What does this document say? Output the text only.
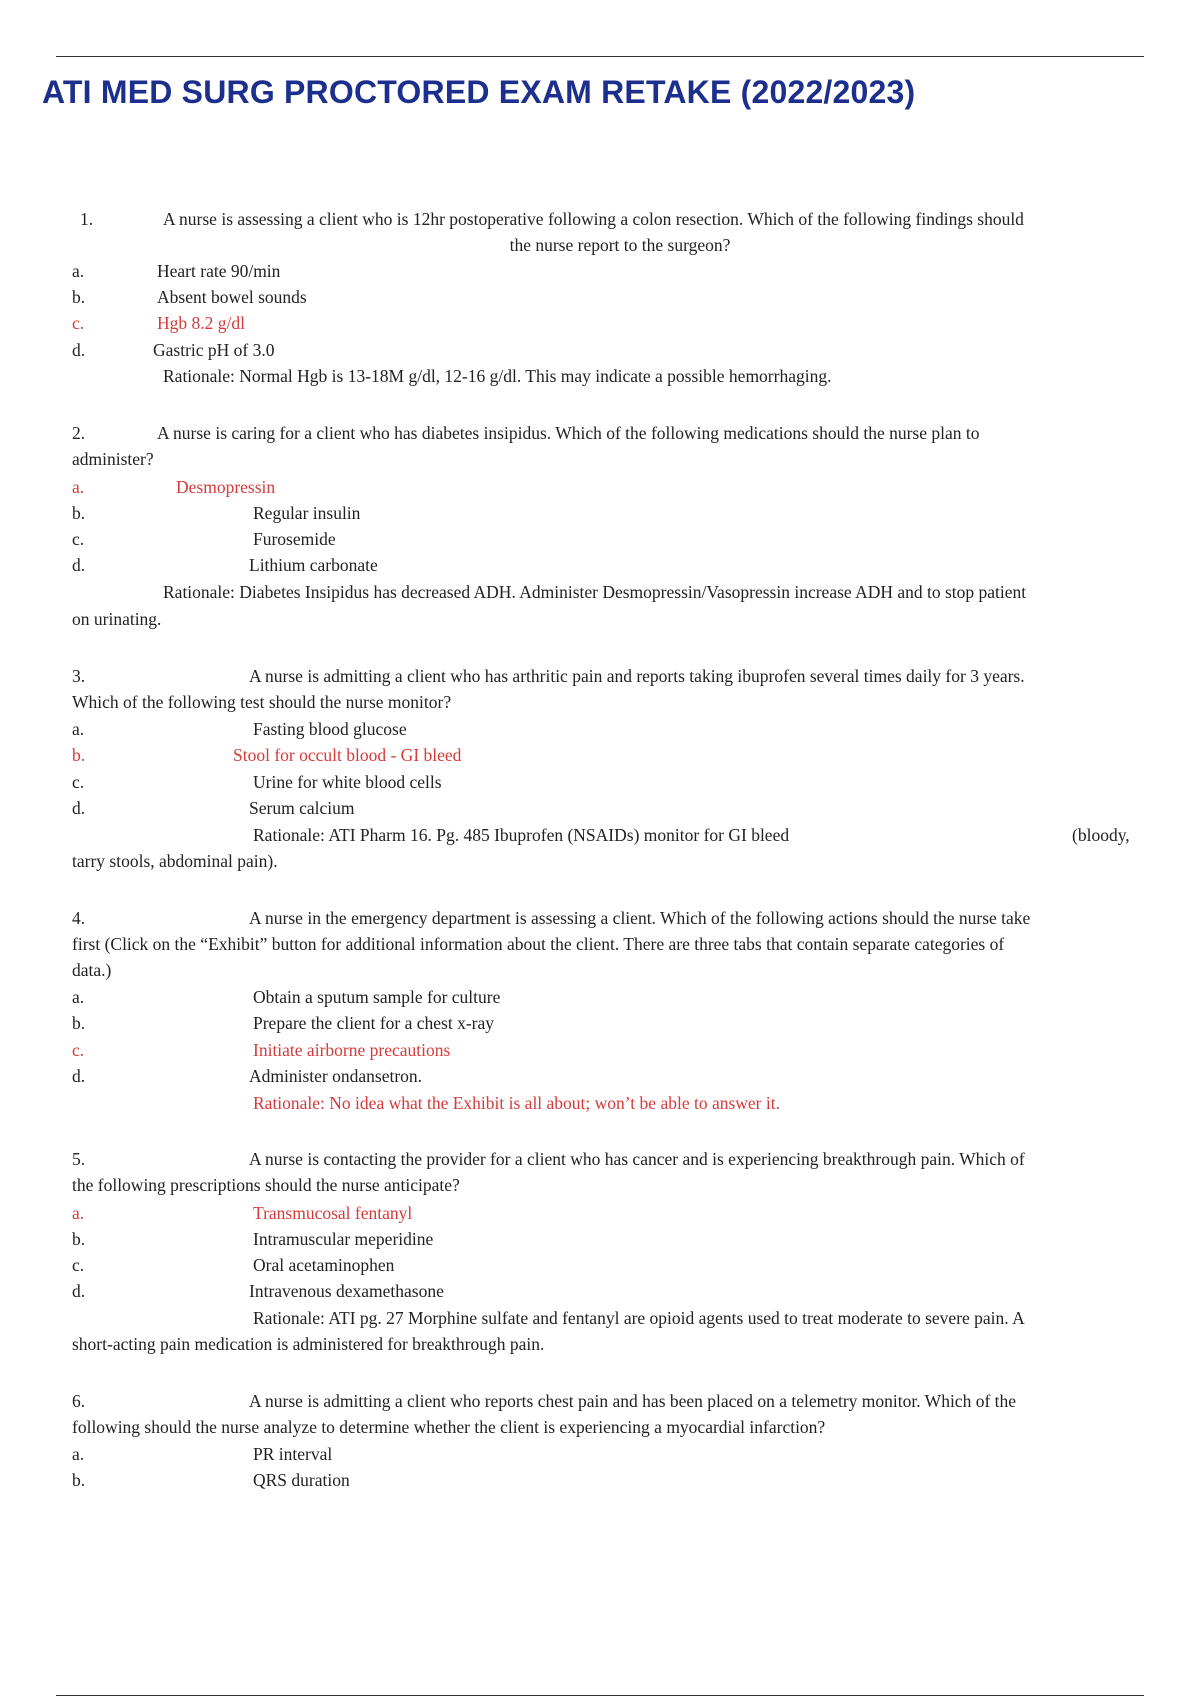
ATI MED SURG PROCTORED EXAM RETAKE (2022/2023)
1.	A nurse is assessing a client who is 12hr postoperative following a colon resection. Which of the following findings should
the nurse report to the surgeon?
a.	Heart rate 90/min
b.	Absent bowel sounds
c.	Hgb 8.2 g/dl
d.	Gastric pH of 3.0
Rationale: Normal Hgb is 13-18M g/dl, 12-16 g/dl. This may indicate a possible hemorrhaging.
2.	A nurse is caring for a client who has diabetes insipidus. Which of the following medications should the nurse plan to
administer?
a.	Desmopressin
b.	Regular insulin
c.	Furosemide
d.	Lithium carbonate
Rationale: Diabetes Insipidus has decreased ADH. Administer Desmopressin/Vasopressin increase ADH and to stop patient
on urinating.
3.	A nurse is admitting a client who has arthritic pain and reports taking ibuprofen several times daily for 3 years.
Which of the following test should the nurse monitor?
a.	Fasting blood glucose
b.	Stool for occult blood - GI bleed
c.	Urine for white blood cells
d.	Serum calcium
Rationale: ATI Pharm 16. Pg. 485 Ibuprofen (NSAIDs) monitor for GI bleed	(bloody,
tarry stools, abdominal pain).
4.	A nurse in the emergency department is assessing a client. Which of the following actions should the nurse take
first (Click on the “Exhibit” button for additional information about the client. There are three tabs that contain separate categories of
data.)
a.	Obtain a sputum sample for culture
b.	Prepare the client for a chest x-ray
c.	Initiate airborne precautions
d.	Administer ondansetron.
Rationale: No idea what the Exhibit is all about; won’t be able to answer it.
5.	A nurse is contacting the provider for a client who has cancer and is experiencing breakthrough pain. Which of
the following prescriptions should the nurse anticipate?
a.	Transmucosal fentanyl
b.	Intramuscular meperidine
c.	Oral acetaminophen
d.	Intravenous dexamethasone
Rationale: ATI pg. 27 Morphine sulfate and fentanyl are opioid agents used to treat moderate to severe pain. A
short-acting pain medication is administered for breakthrough pain.
6.	A nurse is admitting a client who reports chest pain and has been placed on a telemetry monitor. Which of the
following should the nurse analyze to determine whether the client is experiencing a myocardial infarction?
a.	PR interval
b.	QRS duration
